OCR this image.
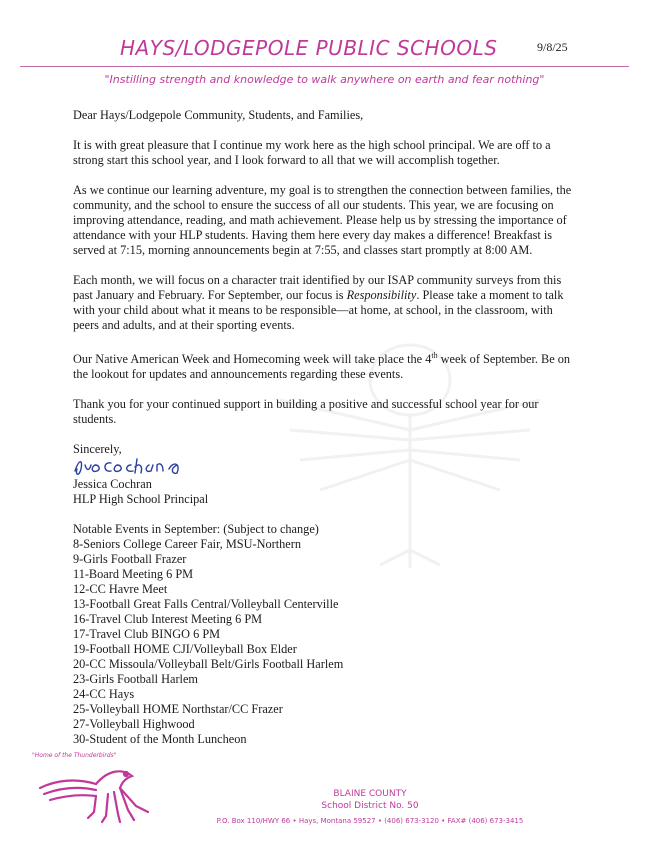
HAYS/LODGEPOLE PUBLIC SCHOOLS	9/8/25
"Instilling strength and knowledge to walk anywhere on earth and fear nothing"

Dear Hays/Lodgepole Community, Students, and Families,

It is with great pleasure that I continue my work here as the high school principal. We are off to a strong start this school year, and I look forward to all that we will accomplish together.

As we continue our learning adventure, my goal is to strengthen the connection between families, the community, and the school to ensure the success of all our students. This year, we are focusing on improving attendance, reading, and math achievement. Please help us by stressing the importance of attendance with your HLP students. Having them here every day makes a difference! Breakfast is served at 7:15, morning announcements begin at 7:55, and classes start promptly at 8:00 AM.

Each month, we will focus on a character trait identified by our ISAP community surveys from this past January and February. For September, our focus is Responsibility. Please take a moment to talk with your child about what it means to be responsible—at home, at school, in the classroom, with peers and adults, and at their sporting events.

Our Native American Week and Homecoming week will take place the 4th week of September. Be on the lookout for updates and announcements regarding these events.

Thank you for your continued support in building a positive and successful school year for our students.

Sincerely,

Jessica Cochran

HLP High School Principal

Notable Events in September: (Subject to change)
8-Seniors College Career Fair, MSU-Northern
9-Girls Football Frazer
11-Board Meeting 6 PM
12-CC Havre Meet
13-Football Great Falls Central/Volleyball Centerville
16-Travel Club Interest Meeting 6 PM
17-Travel Club BINGO 6 PM
19-Football HOME CJI/Volleyball Box Elder
20-CC Missoula/Volleyball Belt/Girls Football Harlem
23-Girls Football Harlem
24-CC Hays
25-Volleyball HOME Northstar/CC Frazer
27-Volleyball Highwood
30-Student of the Month Luncheon
"Home of the Thunderbirds"
BLAINE COUNTY
School District No. 50
P.O. Box 110/HWY 66 • Hays, Montana 59527 • (406) 673-3120 • FAX# (406) 673-3415
